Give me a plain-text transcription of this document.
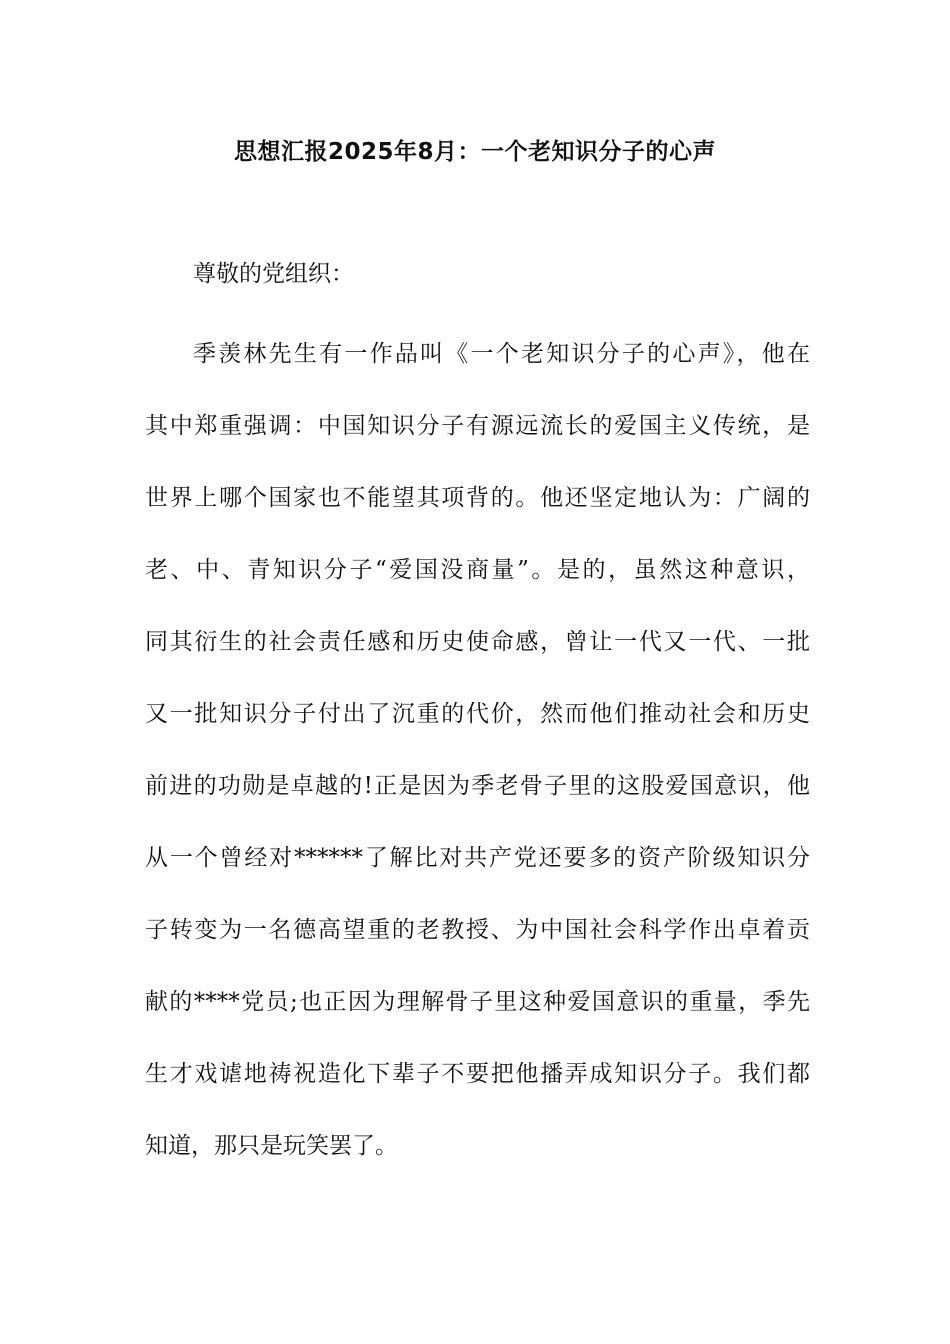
思想汇报2025年8月：一个老知识分子的心声
尊敬的党组织：
季羡林先生有一作品叫《一个老知识分子的心声》，他在
其中郑重强调：中国知识分子有源远流长的爱国主义传统，是
世界上哪个国家也不能望其项背的。他还坚定地认为：广阔的
老、中、青知识分子“爱国没商量”。是的，虽然这种意识，
同其衍生的社会责任感和历史使命感，曾让一代又一代、一批
又一批知识分子付出了沉重的代价，然而他们推动社会和历史
前进的功勋是卓越的!正是因为季老骨子里的这股爱国意识，他
从一个曾经对******了解比对共产党还要多的资产阶级知识分
子转变为一名德高望重的老教授、为中国社会科学作出卓着贡
献的****党员;也正因为理解骨子里这种爱国意识的重量，季先
生才戏谑地祷祝造化下辈子不要把他播弄成知识分子。我们都
知道，那只是玩笑罢了。
